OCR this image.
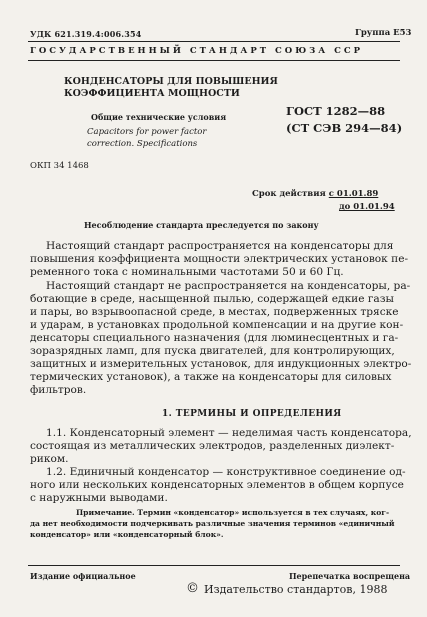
УДК 621.319.4:006.354	Группа Е53
ГОСУДАРСТВЕННЫЙ СТАНДАРТ СОЮЗА ССР
КОНДЕНСАТОРЫ ДЛЯ ПОВЫШЕНИЯ
КОЭФФИЦИЕНТА МОЩНОСТИ
Общие технические условия
Capacitors for power factor
correction. Specifications
ГОСТ 1282—88
(СТ СЭВ 294—84)
ОКП 34 1468
Срок действия с 01.01.89
до 01.01.94
Несоблюдение стандарта преследуется по закону
Настоящий стандарт распространяется на конденсаторы для
повышения коэффициента мощности электрических установок пе-
ременного тока с номинальными частотами 50 и 60 Гц.
Настоящий стандарт не распространяется на конденсаторы, ра-
ботающие в среде, насыщенной пылью, содержащей едкие газы
и пары, во взрывоопасной среде, в местах, подверженных тряске
и ударам, в установках продольной компенсации и на другие кон-
денсаторы специального назначения (для люминесцентных и га-
зоразрядных ламп, для пуска двигателей, для контролирующих,
защитных и измерительных установок, для индукционных электро-
термических установок), а также на конденсаторы для силовых
фильтров.
1. ТЕРМИНЫ И ОПРЕДЕЛЕНИЯ
1.1. Конденсаторный элемент — неделимая часть конденсатора,
состоящая из металлических электродов, разделенных диэлект-
риком.
1.2. Единичный конденсатор — конструктивное соединение од-
ного или нескольких конденсаторных элементов в общем корпусе
с наружными выводами.
Примечание. Термин «конденсатор» используется в тех случаях, ког-
да нет необходимости подчеркивать различные значения терминов «единичный
конденсатор» или «конденсаторный блок».
Издание официальное	Перепечатка воспрещена
© Издательство стандартов, 1988
